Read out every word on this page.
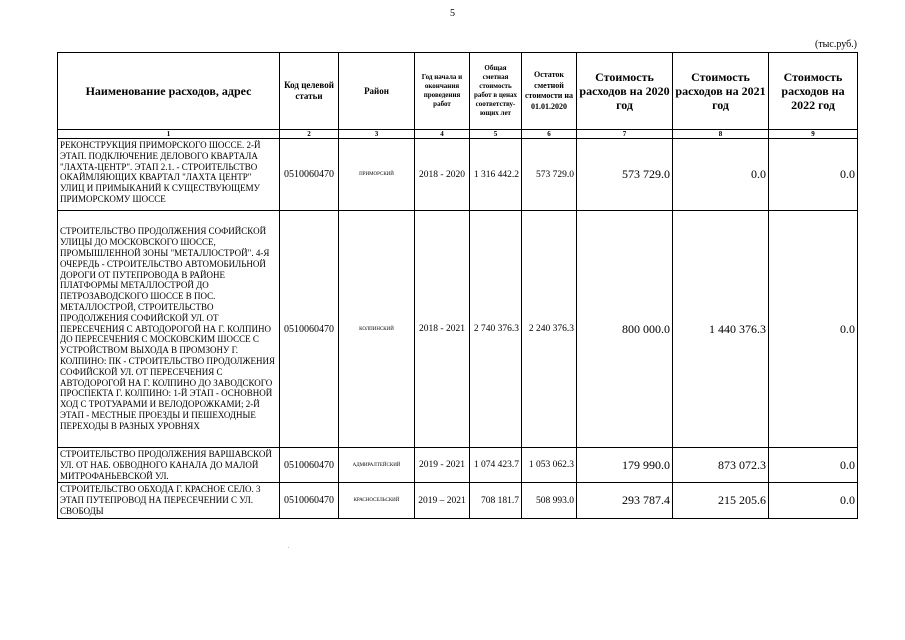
5
(тыс.руб.)
Наименование расходов, адрес	Код целевой статьи	Район	Год начала и окончания проведения работ	Общая сметная стоимость работ в ценах соответству-ющих лет	Остаток сметной стоимости на 01.01.2020	Стоимость расходов на 2020 год	Стоимость расходов на 2021 год	Стоимость расходов на 2022 год
1	2	3	4	5	6	7	8	9
РЕКОНСТРУКЦИЯ ПРИМОРСКОГО ШОССЕ. 2-Й ЭТАП. ПОДКЛЮЧЕНИЕ ДЕЛОВОГО КВАРТАЛА "ЛАХТА-ЦЕНТР". ЭТАП 2.1. - СТРОИТЕЛЬСТВО ОКАЙМЛЯЮЩИХ КВАРТАЛ "ЛАХТА ЦЕНТР" УЛИЦ И ПРИМЫКАНИЙ К СУЩЕСТВУЮЩЕМУ ПРИМОРСКОМУ ШОССЕ	0510060470	ПРИМОРСКИЙ	2018 - 2020	1 316 442.2	573 729.0	573 729.0	0.0	0.0
СТРОИТЕЛЬСТВО ПРОДОЛЖЕНИЯ СОФИЙСКОЙ УЛИЦЫ ДО МОСКОВСКОГО ШОССЕ, ПРОМЫШЛЕННОЙ ЗОНЫ "МЕТАЛЛОСТРОЙ". 4-Я ОЧЕРЕДЬ - СТРОИТЕЛЬСТВО АВТОМОБИЛЬНОЙ ДОРОГИ ОТ ПУТЕПРОВОДА В РАЙОНЕ ПЛАТФОРМЫ МЕТАЛЛОСТРОЙ ДО ПЕТРОЗАВОДСКОГО ШОССЕ В ПОС. МЕТАЛЛОСТРОЙ, СТРОИТЕЛЬСТВО ПРОДОЛЖЕНИЯ СОФИЙСКОЙ УЛ. ОТ ПЕРЕСЕЧЕНИЯ С АВТОДОРОГОЙ НА Г. КОЛПИНО ДО ПЕРЕСЕЧЕНИЯ С МОСКОВСКИМ ШОССЕ С УСТРОЙСТВОМ ВЫХОДА В ПРОМЗОНУ Г. КОЛПИНО: ПК - СТРОИТЕЛЬСТВО ПРОДОЛЖЕНИЯ СОФИЙСКОЙ УЛ. ОТ ПЕРЕСЕЧЕНИЯ С АВТОДОРОГОЙ НА Г. КОЛПИНО ДО ЗАВОДСКОГО ПРОСПЕКТА Г. КОЛПИНО: 1-Й ЭТАП - ОСНОВНОЙ ХОД С ТРОТУАРАМИ И ВЕЛОДОРОЖКАМИ; 2-Й ЭТАП - МЕСТНЫЕ ПРОЕЗДЫ И ПЕШЕХОДНЫЕ ПЕРЕХОДЫ В РАЗНЫХ УРОВНЯХ	0510060470	КОЛПИНСКИЙ	2018 - 2021	2 740 376.3	2 240 376.3	800 000.0	1 440 376.3	0.0
СТРОИТЕЛЬСТВО ПРОДОЛЖЕНИЯ ВАРШАВСКОЙ УЛ. ОТ НАБ. ОБВОДНОГО КАНАЛА ДО МАЛОЙ МИТРОФАНЬЕВСКОЙ УЛ.	0510060470	АДМИРАЛТЕЙСКИЙ	2019 - 2021	1 074 423.7	1 053 062.3	179 990.0	873 072.3	0.0
СТРОИТЕЛЬСТВО ОБХОДА Г. КРАСНОЕ СЕЛО. 3 ЭТАП ПУТЕПРОВОД НА ПЕРЕСЕЧЕНИИ С УЛ. СВОБОДЫ	0510060470	КРАСНОСЕЛЬСКИЙ	2019 – 2021	708 181.7	508 993.0	293 787.4	215 205.6	0.0
